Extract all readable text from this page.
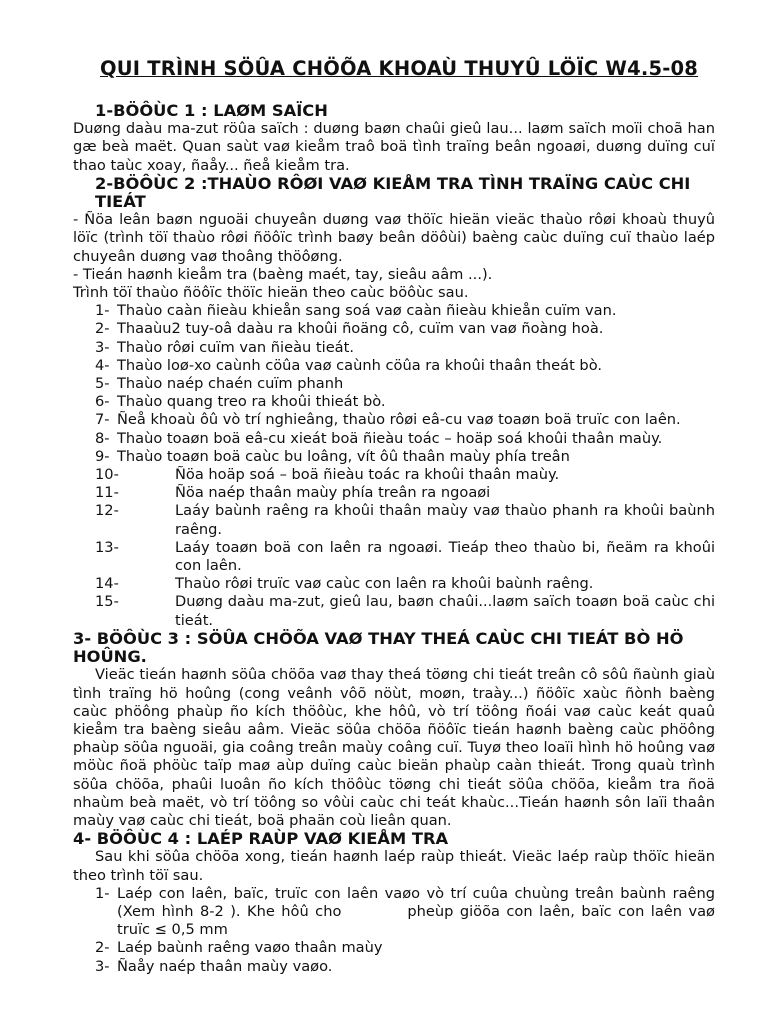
QUI TRÌNH SÖÛA CHÖÕA KHOAÙ THUYÛ LÖÏC W4.5-08
1-BÖÔÙC 1 : LAØM SAÏCH

Duøng daàu ma-zut röûa saïch : duøng baøn chaûi gieû lau... laøm saïch moïi choã han gæ beà maët. Quan saùt vaø kieåm traô boä tình traïng beân ngoaøi, duøng duïng cuï thao taùc xoay, ñaåy... ñeå kieåm tra.

2-BÖÔÙC 2 :THAÙO RÔØI VAØ KIEÅM TRA TÌNH TRAÏNG CAÙC CHI TIEÁT

- Ñöa leân baøn nguoäi chuyeân duøng vaø thöïc hieän vieäc thaùo rôøi khoaù thuyû löïc (trình töï thaùo rôøi ñöôïc trình baøy beân döôùi) baèng caùc duïng cuï thaùo laép chuyeân duøng vaø thoâng thöôøng.

- Tieán haønh kieåm tra (baèng maét, tay, sieâu aâm ...).

Trình töï thaùo ñöôïc thöïc hieän theo caùc böôùc sau.

1- Thaùo caàn ñieàu khieån sang soá vaø caàn ñieàu khieån cuïm van.
2- Thaaùu2 tuy-oâ daàu ra khoûi ñoäng cô, cuïm van vaø ñoàng hoà.
3- Thaùo rôøi cuïm van ñieàu tieát.
4- Thaùo loø-xo caùnh cöûa vaø caùnh cöûa ra khoûi thaân theát bò.
5- Thaùo naép chaén cuïm phanh
6- Thaùo quang treo ra khoûi thieát bò.
7- Ñeå khoaù ôû vò trí nghieâng, thaùo rôøi eâ-cu vaø toaøn boä truïc con laên.
8- Thaùo toaøn boä eâ-cu xieát boä ñieàu toác – hoäp soá khoûi thaân maùy.
9- Thaùo toaøn boä caùc bu loâng, vít ôû thaân maùy phía treân
10-	Ñöa hoäp soá – boä ñieàu toác ra khoûi thaân maùy.
11-	Ñöa naép thaân maùy phía treân ra ngoaøi
12-	Laáy baùnh raêng ra khoûi thaân maùy vaø thaùo phanh ra khoûi baùnh raêng.
13-	Laáy toaøn boä con laên ra ngoaøi. Tieáp theo thaùo bi, ñeäm ra khoûi con laên.
14-	Thaùo rôøi truïc vaø caùc con laên ra khoûi baùnh raêng.
15-	Duøng daàu ma-zut, gieû lau, baøn chaûi...laøm saïch toaøn boä caùc chi tieát.
3- BÖÔÙC 3 : SÖÛA CHÖÕA VAØ THAY THEÁ CAÙC CHI TIEÁT BÒ HÖ HOÛNG.

Vieäc tieán haønh söûa chöõa vaø thay theá töøng chi tieát treân cô sôû ñaùnh giaù tình traïng hö hoûng (cong veânh vôõ nöùt, moøn, traày...) ñöôïc xaùc ñònh baèng caùc phöông phaùp ño kích thöôùc, khe hôû, vò trí töông ñoái vaø caùc keát quaû kieåm tra baèng sieâu aâm. Vieäc söûa chöõa ñöôïc tieán haønh baèng caùc phöông phaùp söûa nguoäi, gia coâng treân maùy coâng cuï. Tuyø theo loaïi hình hö hoûng vaø möùc ñoä phöùc taïp maø aùp duïng caùc bieän phaùp caàn thieát. Trong quaù trình söûa chöõa, phaûi luoân ño kích thöôùc töøng chi tieát söûa chöõa, kieåm tra ñoä nhaùm beà maët, vò trí töông so vôùi caùc chi teát khaùc...Tieán haønh sôn laïi thaân maùy vaø caùc chi tieát, boä phaän coù lieân quan.

4- BÖÔÙC 4 : LAÉP RAÙP VAØ KIEÅM TRA

Sau khi söûa chöõa xong, tieán haønh laép raùp thieát. Vieäc laép raùp thöïc hieän theo trình töï sau.

1- Laép con laên, baïc, truïc con laên vaøo vò trí cuûa chuùng treân baùnh raêng (Xem hình 8-2 ). Khe hôû cho	pheùp giöõa con laên, baïc con laên vaø truïc ≤ 0,5 mm
2- Laép baùnh raêng vaøo thaân maùy
3- Ñaåy naép thaân maùy vaøo.
